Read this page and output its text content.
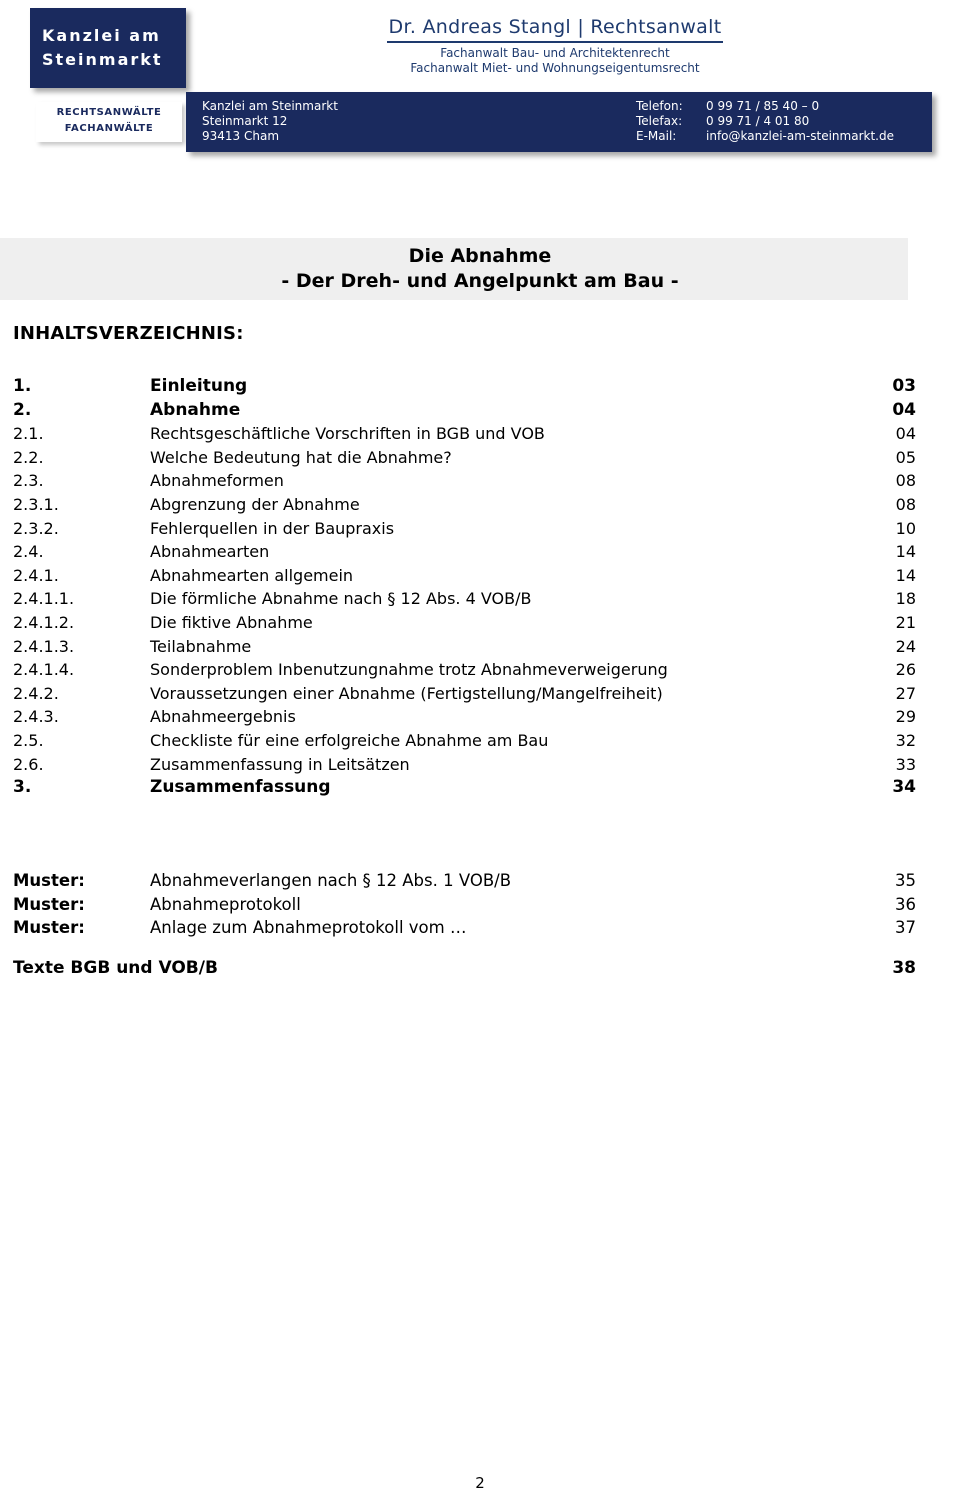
Kanzlei am
Steinmarkt
RECHTSANWÄLTE
FACHANWÄLTE
Dr. Andreas Stangl | Rechtsanwalt
Fachanwalt Bau- und Architektenrecht
Fachanwalt Miet- und Wohnungseigentumsrecht
Kanzlei am Steinmarkt
Steinmarkt 12
93413 Cham
Telefon:	0 99 71 / 85 40 – 0
Telefax:	0 99 71 / 4 01 80
E-Mail:	info@kanzlei-am-steinmarkt.de
Die Abnahme
- Der Dreh- und Angelpunkt am Bau -
INHALTSVERZEICHNIS:
1.	Einleitung	03
2.	Abnahme	04
2.1.	Rechtsgeschäftliche Vorschriften in BGB und VOB	04
2.2.	Welche Bedeutung hat die Abnahme?	05
2.3.	Abnahmeformen	08
2.3.1.	Abgrenzung der Abnahme	08
2.3.2.	Fehlerquellen in der Baupraxis	10
2.4.	Abnahmearten	14
2.4.1.	Abnahmearten allgemein	14
2.4.1.1.	Die förmliche Abnahme nach § 12 Abs. 4 VOB/B	18
2.4.1.2.	Die fiktive Abnahme	21
2.4.1.3.	Teilabnahme	24
2.4.1.4.	Sonderproblem Inbenutzungnahme trotz Abnahmeverweigerung	26
2.4.2.	Voraussetzungen einer Abnahme (Fertigstellung/Mangelfreiheit)	27
2.4.3.	Abnahmeergebnis	29
2.5.	Checkliste für eine erfolgreiche Abnahme am Bau	32
2.6.	Zusammenfassung in Leitsätzen	33
3.	Zusammenfassung	34
Muster:	Abnahmeverlangen nach § 12 Abs. 1 VOB/B	35
Muster:	Abnahmeprotokoll	36
Muster:	Anlage zum Abnahmeprotokoll vom …	37
Texte BGB und VOB/B	38
2
